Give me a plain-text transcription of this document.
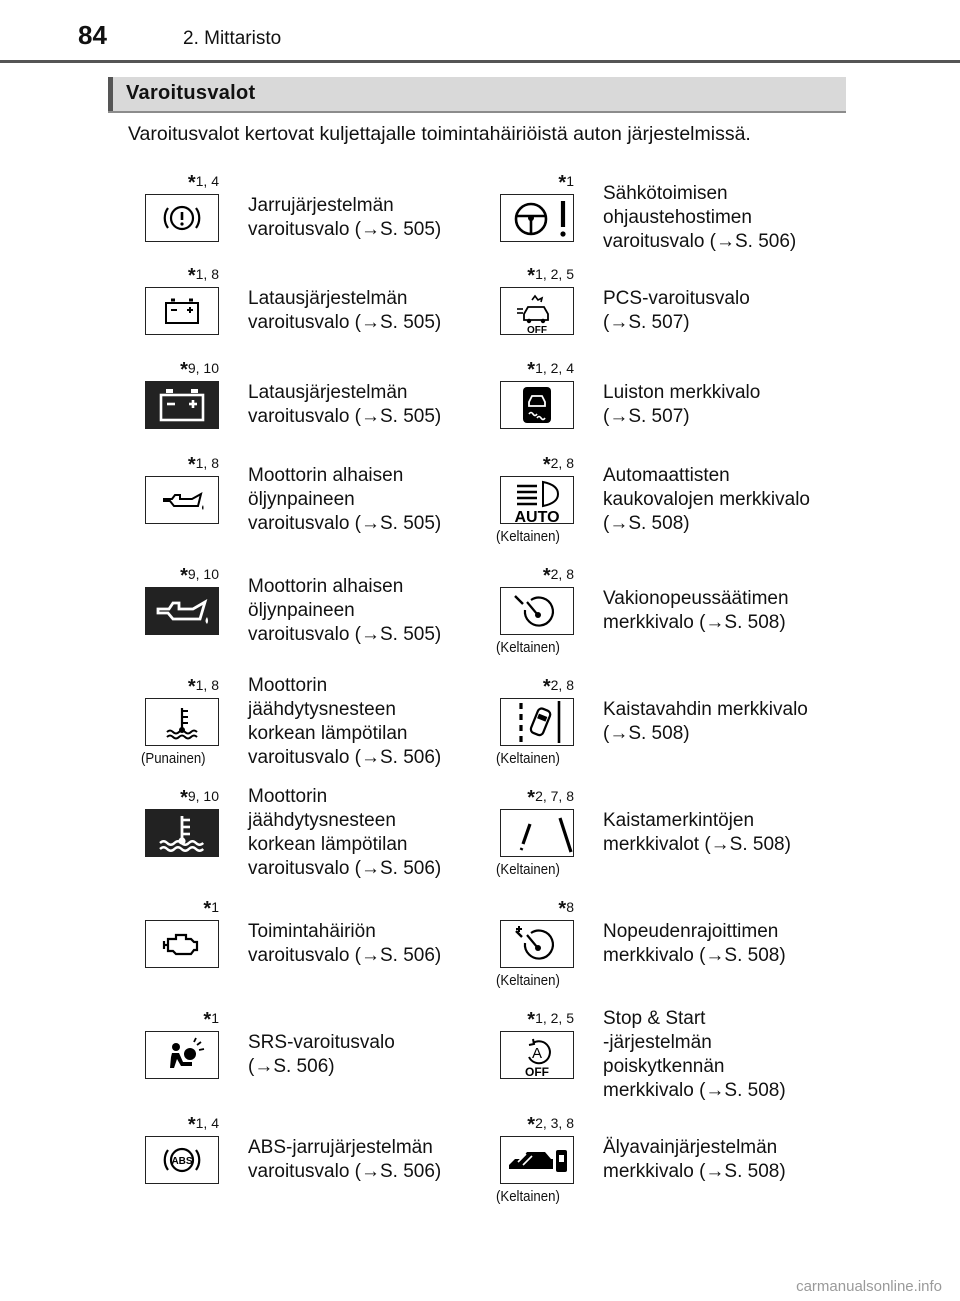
84	2. Mittaristo
Varoitusvalot
Varoitusvalot kertovat kuljettajalle toimintahäiriöistä auton järjestelmissä.
*1, 4
Jarrujärjestelmän
varoitusvalo (→S. 505)
*1, 8
Latausjärjestelmän
varoitusvalo (→S. 505)
*9, 10
Latausjärjestelmän
varoitusvalo (→S. 505)
*1, 8
Moottorin alhaisen
öljynpaineen
varoitusvalo (→S. 505)
*9, 10
Moottorin alhaisen
öljynpaineen
varoitusvalo (→S. 505)
*1, 8
(Punainen)
Moottorin
jäähdytysnesteen
korkean lämpötilan
varoitusvalo (→S. 506)
*9, 10 Moottorin
jäähdytysnesteen
korkean lämpötilan
varoitusvalo (→S. 506)
*1
Toimintahäiriön
varoitusvalo (→S. 506)
*1
SRS-varoitusvalo
(→S. 506)
*1, 4
ABS
ABS-jarrujärjestelmän
varoitusvalo (→S. 506)
*1
Sähkötoimisen
ohjaustehostimen
varoitusvalo (→S. 506)
*1, 2, 5
OFF
PCS-varoitusvalo
(→S. 507)
*1, 2, 4
Luiston merkkivalo
(→S. 507)
*2, 8
AUTO
(Keltainen)
Automaattisten
kaukovalojen merkkivalo
(→S. 508)
*2, 8
(Keltainen)
Vakionopeussäätimen
merkkivalo (→S. 508)
*2, 8
(Keltainen)
Kaistavahdin merkkivalo
(→S. 508)
*2, 7, 8
(Keltainen)
Kaistamerkintöjen
merkkivalot (→S. 508)
*8
(Keltainen)
Nopeudenrajoittimen
merkkivalo (→S. 508)
*1, 2, 5
A
OFF
Stop & Start
-järjestelmän
poiskytkennän
merkkivalo (→S. 508)
*2, 3, 8
(Keltainen)
Älyavainjärjestelmän
merkkivalo (→S. 508)
carmanualsonline.info
